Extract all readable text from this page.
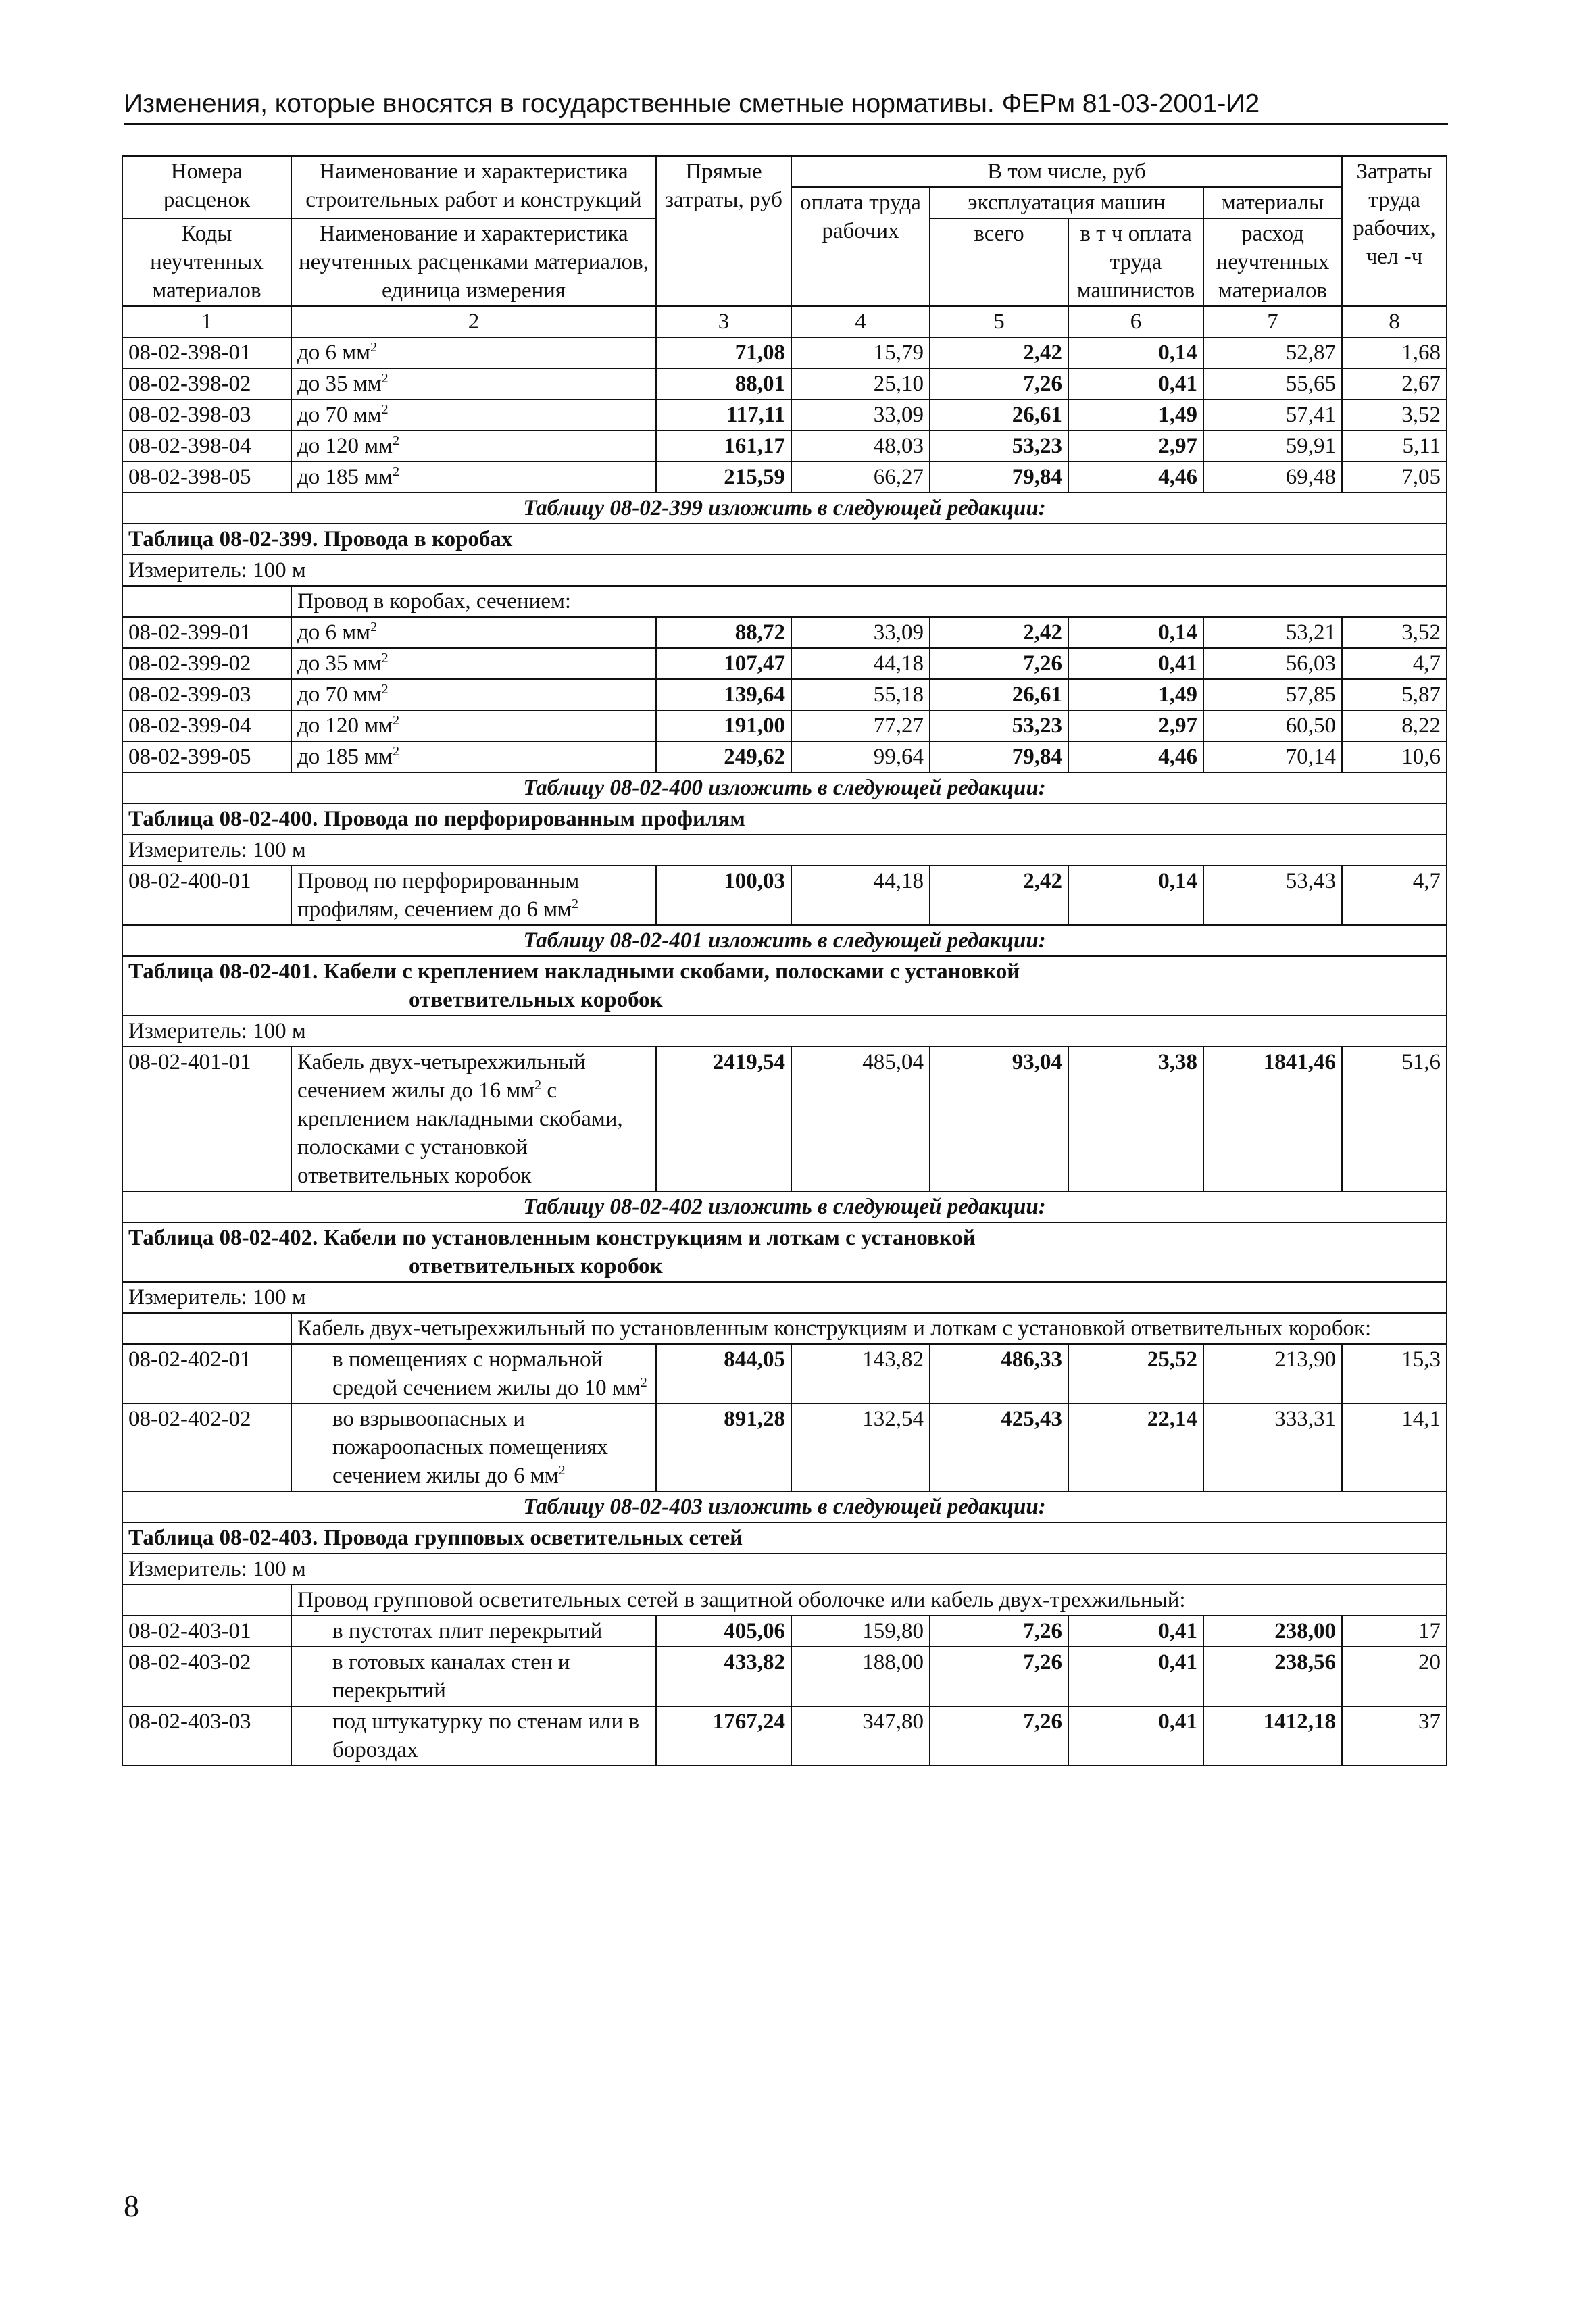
Изменения, которые вносятся в государственные сметные нормативы. ФЕРм 81-03-2001-И2
Номера расценок	Наименование и характеристика строительных работ и конструкций	Прямые затраты, руб	В том числе, руб				Затраты труда рабочих, чел -ч
			оплата труда рабочих	эксплуатация машин		материалы	
Коды неучтенных материалов	Наименование и характеристика неучтенных расценками материалов, единица измерения			всего	в т ч оплата труда машинистов	расход неучтенных материалов	

1	2	3	4	5	6	7	8
08-02-398-01	до 6 $мм^2$	71,08	15,79	2,42	0,14	52,87	1,68
08-02-398-02	до 35 $мм^2$	88,01	25,10	7,26	0,41	55,65	2,67
08-02-398-03	до 70 $мм^2$	117,11	33,09	26,61	1,49	57,41	3,52
08-02-398-04	до 120 $мм^2$	161,17	48,03	53,23	2,97	59,91	5,11
08-02-398-05	до 185 $мм^2$	215,59	66,27	79,84	4,46	69,48	7,05
Таблицу 08-02-399 изложить в следующей редакции:							
Таблица 08-02-399. Провода в коробах							
Измеритель: 100 м							
	Провод в коробах, сечением:						
08-02-399-01	до 6 $мм^2$	88,72	33,09	2,42	0,14	53,21	3,52
08-02-399-02	до 35 $мм^2$	107,47	44,18	7,26	0,41	56,03	4,7
08-02-399-03	до 70 $мм^2$	139,64	55,18	26,61	1,49	57,85	5,87
08-02-399-04	до 120 $мм^2$	191,00	77,27	53,23	2,97	60,50	8,22
08-02-399-05	до 185 $мм^2$	249,62	99,64	79,84	4,46	70,14	10,6
Таблицу 08-02-400 изложить в следующей редакции:							
Таблица 08-02-400. Провода по перфорированным профилям							
Измеритель: 100 м							
08-02-400-01	Провод по перфорированным профилям, сечением до 6 $мм^2$	100,03	44,18	2,42	0,14	53,43	4,7
Таблицу 08-02-401 изложить в следующей редакции:							
Таблица 08-02-401. Кабели с креплением накладными скобами, полосками с установкой
ответвительных коробок							

Измеритель: 100 м							
08-02-401-01	Кабель двух-четырехжильный сечением жилы до 16 $мм^2$ с креплением накладными скобами, полосками с установкой ответвительных коробок	2419,54	485,04	93,04	3,38	1841,46	51,6
Таблицу 08-02-402 изложить в следующей редакции:							
Таблица 08-02-402. Кабели по установленным конструкциям и лоткам с установкой
ответвительных коробок							

Измеритель: 100 м							
	Кабель двух-четырехжильный по установленным конструкциям и лоткам с установкой ответвительных коробок:						
08-02-402-01	в помещениях с нормальной средой сечением жилы до 10 $мм^2$	844,05	143,82	486,33	25,52	213,90	15,3
08-02-402-02	во взрывоопасных и пожароопасных помещениях сечением жилы до 6 $мм^2$	891,28	132,54	425,43	22,14	333,31	14,1
Таблицу 08-02-403 изложить в следующей редакции:							
Таблица 08-02-403. Провода групповых осветительных сетей							
Измеритель: 100 м							
	Провод групповой осветительных сетей в защитной оболочке или кабель двух-трехжильный:						
08-02-403-01	в пустотах плит перекрытий	405,06	159,80	7,26	0,41	238,00	17
08-02-403-02	в готовых каналах стен и перекрытий	433,82	188,00	7,26	0,41	238,56	20
08-02-403-03	под штукатурку по стенам или в бороздах	1767,24	347,80	7,26	0,41	1412,18	37
8
